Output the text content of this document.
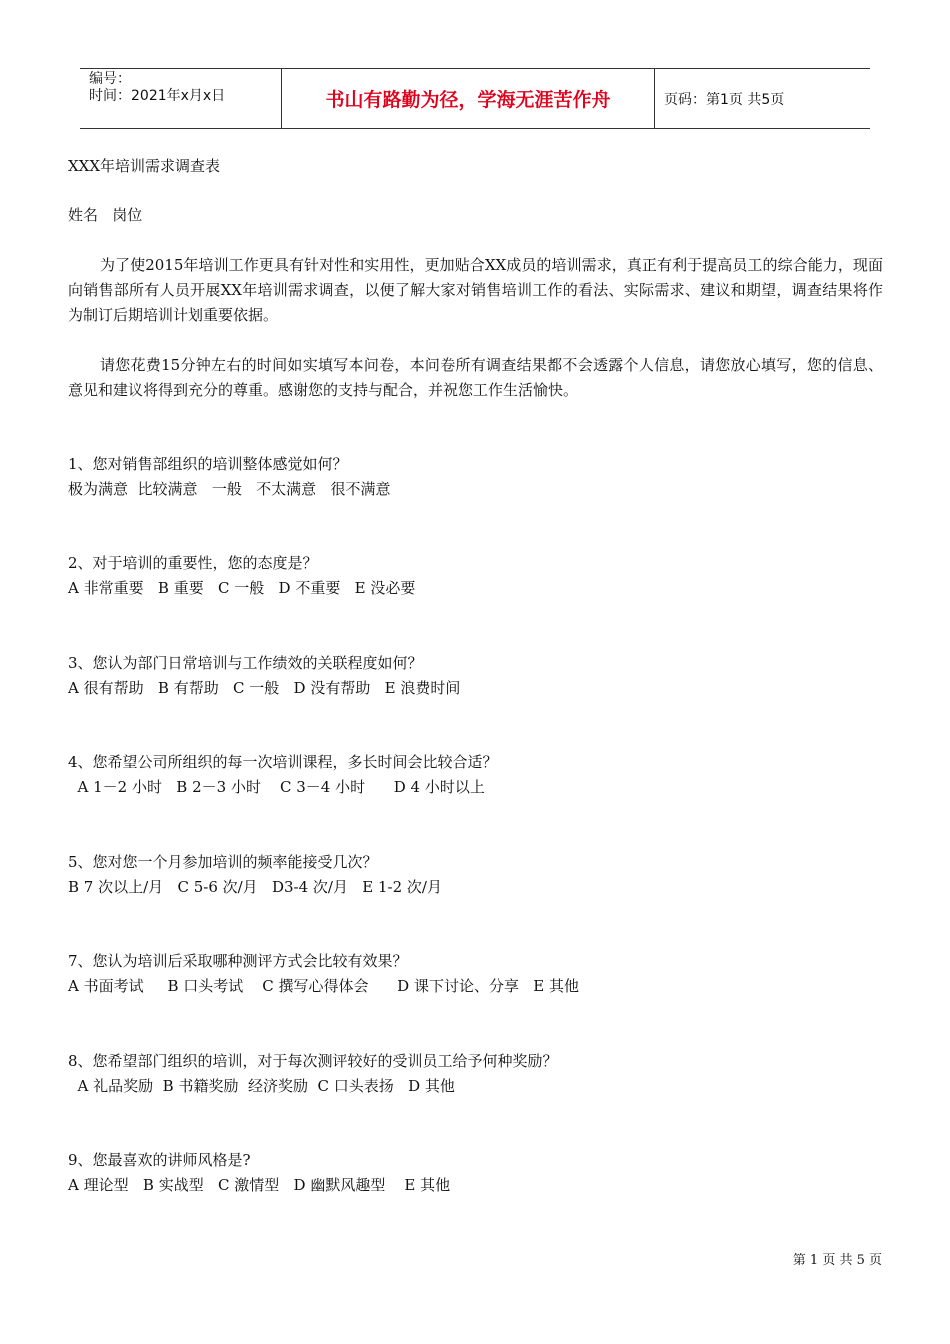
编号：
时间：2021年x月x日	书山有路勤为径，学海无涯苦作舟	页码：第1页 共5页
XXX年培训需求调查表
姓名   岗位
为了使2015年培训工作更具有针对性和实用性，更加贴合XX成员的培训需求，真正有利于提高员工的综合能力，现面向销售部所有人员开展XX年培训需求调查，以便了解大家对销售培训工作的看法、实际需求、建议和期望，调查结果将作为制订后期培训计划重要依据。
请您花费15分钟左右的时间如实填写本问卷，本问卷所有调查结果都不会透露个人信息，请您放心填写，您的信息、意见和建议将得到充分的尊重。感谢您的支持与配合，并祝您工作生活愉快。
1、您对销售部组织的培训整体感觉如何？
极为满意  比较满意   一般   不太满意   很不满意
2、对于培训的重要性，您的态度是？
A 非常重要   B 重要   C 一般   D 不重要   E 没必要
3、您认为部门日常培训与工作绩效的关联程度如何？
A 很有帮助   B 有帮助   C 一般   D 没有帮助   E 浪费时间
4、您希望公司所组织的每一次培训课程，多长时间会比较合适？
A 1－2 小时   B 2－3 小时    C 3－4 小时      D 4 小时以上
5、您对您一个月参加培训的频率能接受几次？
B 7 次以上/月   C 5-6 次/月   D3-4 次/月   E 1-2 次/月
7、您认为培训后采取哪种测评方式会比较有效果？
A 书面考试     B 口头考试    C 撰写心得体会      D 课下讨论、分享   E 其他
8、您希望部门组织的培训，对于每次测评较好的受训员工给予何种奖励？
A 礼品奖励  B 书籍奖励  经济奖励  C 口头表扬   D 其他
9、您最喜欢的讲师风格是?
A 理论型   B 实战型   C 激情型   D 幽默风趣型    E 其他
第 1 页 共 5 页
